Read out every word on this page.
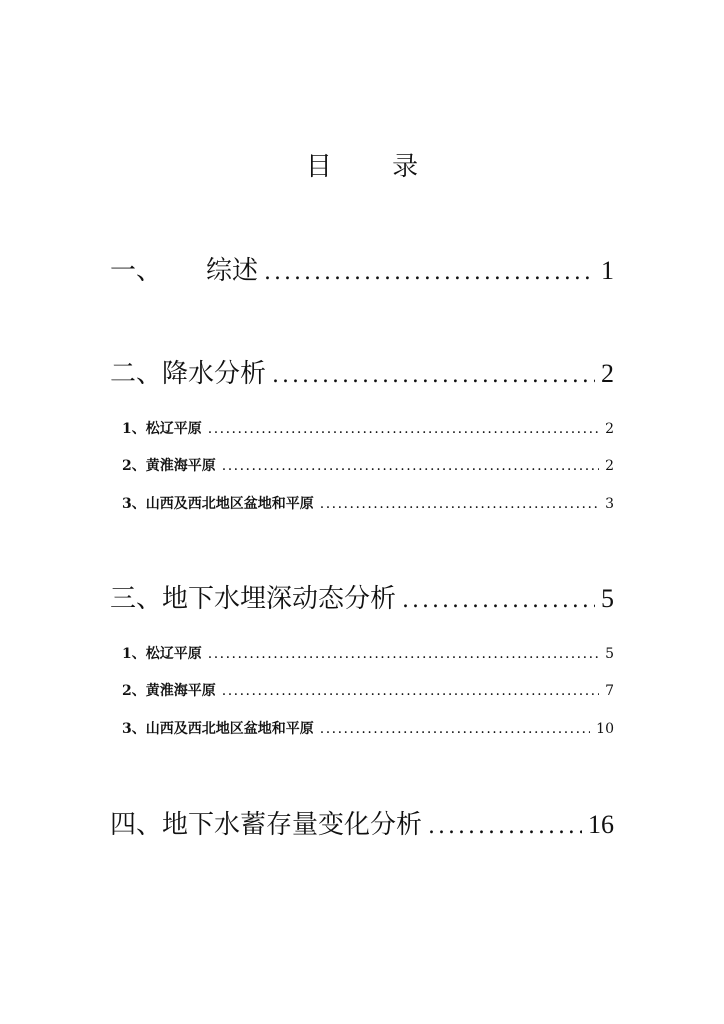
目 录
一、 综述 .....	1
二、降水分析 .....	2
1、松辽平原 .....	2
2、黄淮海平原 .....	2
3、山西及西北地区盆地和平原 .....	3
三、地下水埋深动态分析 .....	5
1、松辽平原 .....	5
2、黄淮海平原 .....	7
3、山西及西北地区盆地和平原 .....	10
四、地下水蓄存量变化分析 .....	16
